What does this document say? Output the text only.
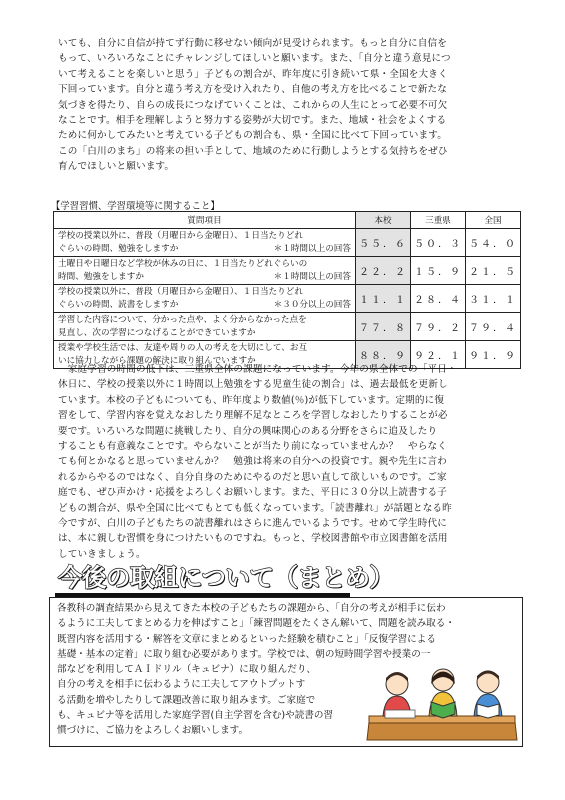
いても、自分に自信が持てず行動に移せない傾向が見受けられます。もっと自分に自信を
もって、いろいろなことにチャレンジしてほしいと願います。また、「自分と違う意見につ
いて考えることを楽しいと思う」子どもの割合が、昨年度に引き続いて県・全国を大きく
下回っています。自分と違う考え方を受け入れたり、自他の考え方を比べることで新たな
気づきを得たり、自らの成長につなげていくことは、これからの人生にとって必要不可欠
なことです。相手を理解しようと努力する姿勢が大切です。また、地域・社会をよくする
ために何かしてみたいと考えている子どもの割合も、県・全国に比べて下回っています。
この「白川のまち」の将来の担い手として、地域のために行動しようとする気持ちをぜひ
育んでほしいと願います。
【学習習慣、学習環境等に関すること】
質問項目	本校	三重県	全国

学校の授業以外に、普段（月曜日から金曜日）、１日当たりどれ
ぐらいの時間、勉強をしますか ＊１時間以上の回答	５５．６	５０．３	５４．０

土曜日や日曜日など学校が休みの日に、１日当たりどれぐらいの
時間、勉強をしますか ＊１時間以上の回答	２２．２	１５．９	２１．５

学校の授業以外に、普段（月曜日から金曜日）、１日当たりどれ
ぐらいの時間、読書をしますか ＊３０分以上の回答	１１．１	２８．４	３１．１

学習した内容について、分かった点や、よく分からなかった点を
見直し、次の学習につなげることができていますか	７７．８	７９．２	７９．４

授業や学校生活では、友達や周りの人の考えを大切にして、お互
いに協力しながら課題の解決に取り組んでいますか	８８．９	９２．１	９１．９
　家庭学習の時間の低下は、三重県全体の課題になっています。今年の県全体での「平日・
休日に、学校の授業以外に１時間以上勉強をする児童生徒の割合」は、過去最低を更新し
ています。本校の子どもについても、昨年度より数値(％)が低下しています。定期的に復
習をして、学習内容を覚えなおしたり理解不足なところを学習しなおしたりすることが必
要です。いろいろな問題に挑戦したり、自分の興味関心のある分野をさらに追及したり
することも有意義なことです。やらないことが当たり前になっていませんか？　やらなく
ても何とかなると思っていませんか？　勉強は将来の自分への投資です。親や先生に言わ
れるからやるのではなく、自分自身のためにやるのだと思い直して欲しいものです。ご家
庭でも、ぜひ声かけ・応援をよろしくお願いします。また、平日に３０分以上読書する子
どもの割合が、県や全国に比べてもとても低くなっています。「読書離れ」が話題となる昨
今ですが、白川の子どもたちの読書離れはさらに進んでいるようです。せめて学生時代に
は、本に親しむ習慣を身につけたいものですね。もっと、学校図書館や市立図書館を活用
していきましょう。
今後の取組について（まとめ）
各教科の調査結果から見えてきた本校の子どもたちの課題から、「自分の考えが相手に伝わ
るように工夫してまとめる力を伸ばすこと」「練習問題をたくさん解いて、問題を読み取る・
既習内容を活用する・解答を文章にまとめるといった経験を積むこと」「反復学習による
基礎・基本の定着」に取り組む必要があります。学校では、朝の短時間学習や授業の一
部などを利用してＡＩドリル（キュビナ）に取り組んだり、
自分の考えを相手に伝わるように工夫してアウトプットす
る活動を増やしたりして課題改善に取り組みます。ご家庭で
も、キュビナ等を活用した家庭学習(自主学習を含む)や読書の習
慣づけに、ご協力をよろしくお願いします。
